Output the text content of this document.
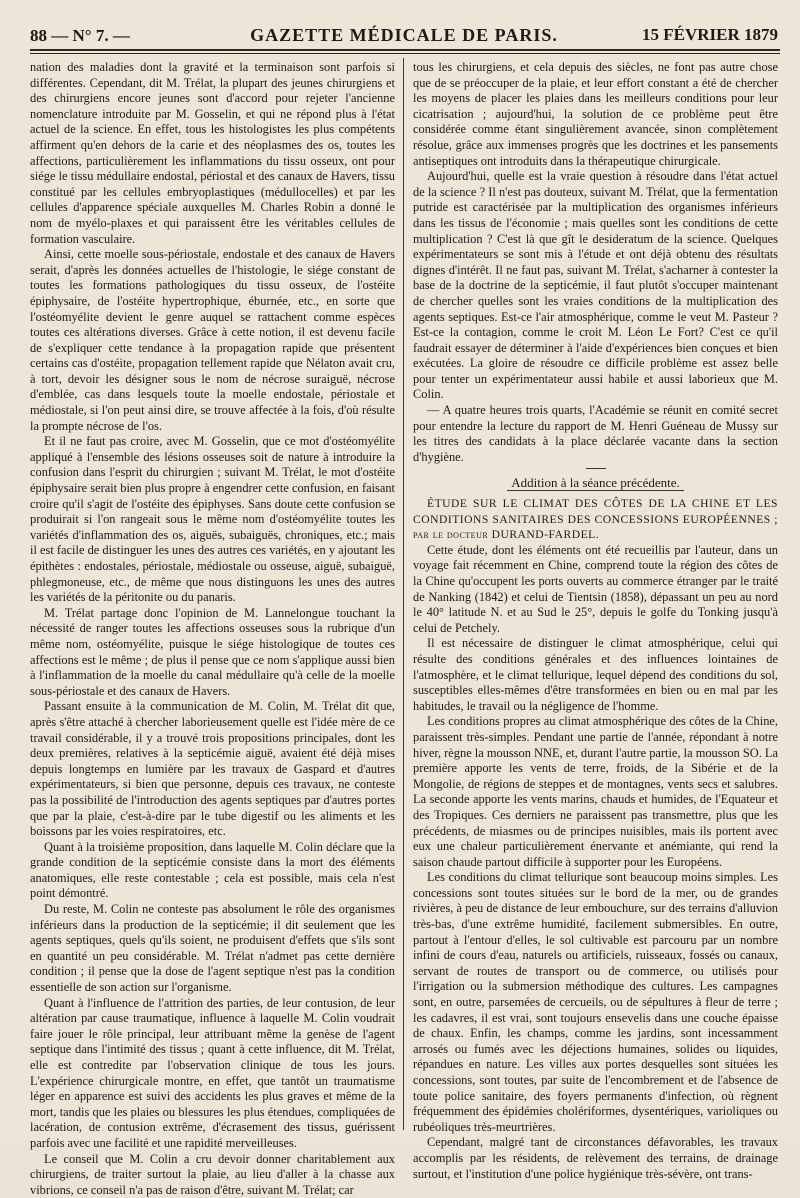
88 — N° 7. —	GAZETTE MÉDICALE DE PARIS.	15 FÉVRIER 1879

nation des maladies dont la gravité et la terminaison sont parfois si différentes. Cependant, dit M. Trélat, la plupart des jeunes chirurgiens et des chirurgiens encore jeunes sont d'accord pour rejeter l'ancienne nomenclature introduite par M. Gosselin, et qui ne répond plus à l'état actuel de la science. En effet, tous les histologistes les plus compétents affirment qu'en dehors de la carie et des néoplasmes des os, toutes les affections, particulièrement les inflammations du tissu osseux, ont pour siége le tissu médullaire endostal, périostal et des canaux de Havers, tissu constitué par les cellules embryoplastiques (médullocelles) et par les cellules d'apparence spéciale auxquelles M. Charles Robin a donné le nom de myélo-plaxes et qui paraissent être les véritables cellules de formation vasculaire.

Ainsi, cette moelle sous-périostale, endostale et des canaux de Havers serait, d'après les données actuelles de l'histologie, le siége constant de toutes les formations pathologiques du tissu osseux, de l'ostéite épiphysaire, de l'ostéite hypertrophique, éburnée, etc., en sorte que l'ostéomyélite devient le genre auquel se rattachent comme espèces toutes ces altérations diverses. Grâce à cette notion, il est devenu facile de s'expliquer cette tendance à la propagation rapide que présentent certains cas d'ostéite, propagation tellement rapide que Nélaton avait cru, à tort, devoir les désigner sous le nom de nécrose suraiguë, nécrose d'emblée, cas dans lesquels toute la moelle endostale, périostale et médiostale, si l'on peut ainsi dire, se trouve affectée à la fois, d'où résulte la prompte nécrose de l'os.

Et il ne faut pas croire, avec M. Gosselin, que ce mot d'ostéomyélite appliqué à l'ensemble des lésions osseuses soit de nature à introduire la confusion dans l'esprit du chirurgien ; suivant M. Trélat, le mot d'ostéite épiphysaire serait bien plus propre à engendrer cette confusion, en faisant croire qu'il s'agit de l'ostéite des épiphyses. Sans doute cette confusion se produirait si l'on rangeait sous le même nom d'ostéomyélite toutes les variétés d'inflammation des os, aiguës, subaiguës, chroniques, etc.; mais il est facile de distinguer les unes des autres ces variétés, en y ajoutant les épithètes : endostales, périostale, médiostale ou osseuse, aiguë, subaiguë, phlegmoneuse, etc., de même que nous distinguons les unes des autres les variétés de la péritonite ou du panaris.

M. Trélat partage donc l'opinion de M. Lannelongue touchant la nécessité de ranger toutes les affections osseuses sous la rubrique d'un même nom, ostéomyélite, puisque le siége histologique de toutes ces affections est le même ; de plus il pense que ce nom s'applique aussi bien à l'inflammation de la moelle du canal médullaire qu'à celle de la moelle sous-périostale et des canaux de Havers.

Passant ensuite à la communication de M. Colin, M. Trélat dit que, après s'être attaché à chercher laborieusement quelle est l'idée mère de ce travail considérable, il y a trouvé trois propositions principales, dont les deux premières, relatives à la septicémie aiguë, avaient été déjà mises depuis longtemps en lumière par les travaux de Gaspard et d'autres expérimentateurs, si bien que personne, depuis ces travaux, ne conteste pas la possibilité de l'introduction des agents septiques par d'autres portes que par la plaie, c'est-à-dire par le tube digestif ou les aliments et les boissons par les voies respiratoires, etc.

Quant à la troisième proposition, dans laquelle M. Colin déclare que la grande condition de la septicémie consiste dans la mort des éléments anatomiques, elle reste contestable ; cela est possible, mais cela n'est point démontré.

Du reste, M. Colin ne conteste pas absolument le rôle des organismes inférieurs dans la production de la septicémie; il dit seulement que les agents septiques, quels qu'ils soient, ne produisent d'effets que s'ils sont en quantité un peu considérable. M. Trélat n'admet pas cette dernière condition ; il pense que la dose de l'agent septique n'est pas la condition essentielle de son action sur l'organisme.

Quant à l'influence de l'attrition des parties, de leur contusion, de leur altération par cause traumatique, influence à laquelle M. Colin voudrait faire jouer le rôle principal, leur attribuant même la genèse de l'agent septique dans l'intimité des tissus ; quant à cette influence, dit M. Trélat, elle est contredite par l'observation clinique de tous les jours. L'expérience chirurgicale montre, en effet, que tantôt un traumatisme léger en apparence est suivi des accidents les plus graves et même de la mort, tandis que les plaies ou blessures les plus étendues, compliquées de lacération, de contusion extrême, d'écrasement des tissus, guérissent parfois avec une facilité et une rapidité merveilleuses.

Le conseil que M. Colin a cru devoir donner charitablement aux chirurgiens, de traiter surtout la plaie, au lieu d'aller à la chasse aux vibrions, ce conseil n'a pas de raison d'être, suivant M. Trélat; car

tous les chirurgiens, et cela depuis des siècles, ne font pas autre chose que de se préoccuper de la plaie, et leur effort constant a été de chercher les moyens de placer les plaies dans les meilleurs conditions pour leur cicatrisation ; aujourd'hui, la solution de ce problème peut être considérée comme étant singulièrement avancée, sinon complètement résolue, grâce aux immenses progrès que les doctrines et les pansements antiseptiques ont introduits dans la thérapeutique chirurgicale.

Aujourd'hui, quelle est la vraie question à résoudre dans l'état actuel de la science ? Il n'est pas douteux, suivant M. Trélat, que la fermentation putride est caractérisée par la multiplication des organismes inférieurs dans les tissus de l'économie ; mais quelles sont les conditions de cette multiplication ? C'est là que gît le desideratum de la science. Quelques expérimentateurs se sont mis à l'étude et ont déjà obtenu des résultats dignes d'intérêt. Il ne faut pas, suivant M. Trélat, s'acharner à contester la base de la doctrine de la septicémie, il faut plutôt s'occuper maintenant de chercher quelles sont les vraies conditions de la multiplication des agents septiques. Est-ce l'air atmosphérique, comme le veut M. Pasteur ? Est-ce la contagion, comme le croit M. Léon Le Fort? C'est ce qu'il faudrait essayer de déterminer à l'aide d'expériences bien conçues et bien exécutées. La gloire de résoudre ce difficile problème est assez belle pour tenter un expérimentateur aussi habile et aussi laborieux que M. Colin.

— A quatre heures trois quarts, l'Académie se réunit en comité secret pour entendre la lecture du rapport de M. Henri Guéneau de Mussy sur les titres des candidats à la place déclarée vacante dans la section d'hygiène.

Addition à la séance précédente.

ÉTUDE SUR LE CLIMAT DES CÔTES DE LA CHINE ET LES CONDITIONS SANITAIRES DES CONCESSIONS EUROPÉENNES ; par le docteur DURAND-FARDEL.

Cette étude, dont les éléments ont été recueillis par l'auteur, dans un voyage fait récemment en Chine, comprend toute la région des côtes de la Chine qu'occupent les ports ouverts au commerce étranger par le traité de Nanking (1842) et celui de Tientsin (1858), dépassant un peu au nord le 40° latitude N. et au Sud le 25°, depuis le golfe du Tonking jusqu'à celui de Petchely.

Il est nécessaire de distinguer le climat atmosphérique, celui qui résulte des conditions générales et des influences lointaines de l'atmosphère, et le climat tellurique, lequel dépend des conditions du sol, susceptibles elles-mêmes d'être transformées en bien ou en mal par les habitudes, le travail ou la négligence de l'homme.

Les conditions propres au climat atmosphérique des côtes de la Chine, paraissent très-simples. Pendant une partie de l'année, répondant à notre hiver, règne la mousson NNE, et, durant l'autre partie, la mousson SO. La première apporte les vents de terre, froids, de la Sibérie et de la Mongolie, de régions de steppes et de montagnes, vents secs et salubres. La seconde apporte les vents marins, chauds et humides, de l'Equateur et des Tropiques. Ces derniers ne paraissent pas transmettre, plus que les précédents, de miasmes ou de principes nuisibles, mais ils portent avec eux une chaleur particulièrement énervante et anémiante, qui rend la saison chaude partout difficile à supporter pour les Européens.

Les conditions du climat tellurique sont beaucoup moins simples. Les concessions sont toutes situées sur le bord de la mer, ou de grandes rivières, à peu de distance de leur embouchure, sur des terrains d'alluvion très-bas, d'une extrême humidité, facilement submersibles. En outre, partout à l'entour d'elles, le sol cultivable est parcouru par un nombre infini de cours d'eau, naturels ou artificiels, ruisseaux, fossés ou canaux, servant de routes de transport ou de commerce, ou utilisés pour l'irrigation ou la submersion méthodique des cultures. Les campagnes sont, en outre, parsemées de cercueils, ou de sépultures à fleur de terre ; les cadavres, il est vrai, sont toujours ensevelis dans une couche épaisse de chaux. Enfin, les champs, comme les jardins, sont incessamment arrosés ou fumés avec les déjections humaines, solides ou liquides, répandues en nature. Les villes aux portes desquelles sont situées les concessions, sont toutes, par suite de l'encombrement et de l'absence de toute police sanitaire, des foyers permanents d'infection, où règnent fréquemment des épidémies cholériformes, dysentériques, varioliques ou rubéoliques très-meurtrières.

Cependant, malgré tant de circonstances défavorables, les travaux accomplis par les résidents, de relèvement des terrains, de drainage surtout, et l'institution d'une police hygiénique très-sévère, ont trans-
